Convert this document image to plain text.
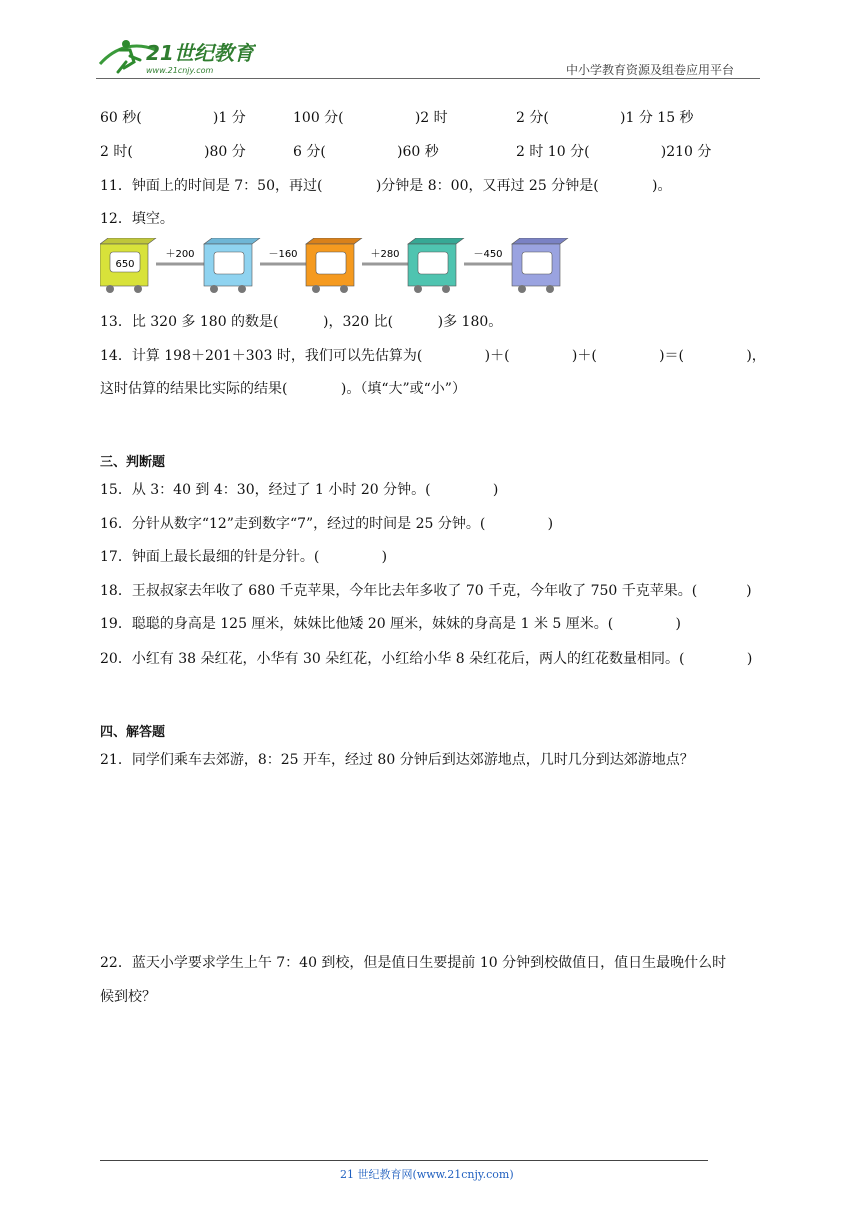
21世纪教育
www.21cnjy.com	中小学教育资源及组卷应用平台
60 秒(                )1 分	100 分(                )2 时	2 分(                )1 分 15 秒
2 时(                )80 分	6 分(                )60 秒	2 时 10 分(                )210 分
11．钟面上的时间是 7：50，再过(            )分钟是 8：00，又再过 25 分钟是(            )。
12．填空。
650
＋200	－160	＋280	－450
13．比 320 多 180 的数是(          )，320 比(          )多 180。
14．计算 198＋201＋303 时，我们可以先估算为(              )＋(              )＋(              )＝(              )，
这时估算的结果比实际的结果(            )。（填“大”或“小”）
三、判断题
15．从 3：40 到 4：30，经过了 1 小时 20 分钟。(              )
16．分针从数字“12”走到数字“7”，经过的时间是 25 分钟。(              )
17．钟面上最长最细的针是分针。(              )
18．王叔叔家去年收了 680 千克苹果，今年比去年多收了 70 千克，今年收了 750 千克苹果。(           )
19．聪聪的身高是 125 厘米，妹妹比他矮 20 厘米，妹妹的身高是 1 米 5 厘米。(              )
20．小红有 38 朵红花，小华有 30 朵红花，小红给小华 8 朵红花后，两人的红花数量相同。(              )
四、解答题
21．同学们乘车去郊游，8：25 开车，经过 80 分钟后到达郊游地点，几时几分到达郊游地点？
22．蓝天小学要求学生上午 7：40 到校，但是值日生要提前 10 分钟到校做值日，值日生最晚什么时
候到校？
21 世纪教育网(www.21cnjy.com)
